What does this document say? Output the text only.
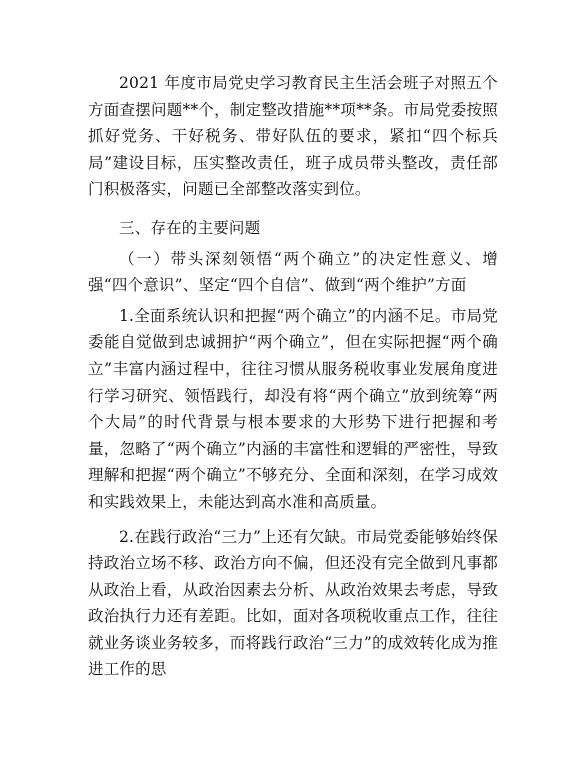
2021 年度市局党史学习教育民主生活会班子对照五个方面查摆问题**个，制定整改措施**项**条。市局党委按照抓好党务、干好税务、带好队伍的要求，紧扣“四个标兵局”建设目标，压实整改责任，班子成员带头整改，责任部门积极落实，问题已全部整改落实到位。

三、存在的主要问题

（一）带头深刻领悟“两个确立”的决定性意义、增强“四个意识”、坚定“四个自信”、做到“两个维护”方面

1.全面系统认识和把握“两个确立”的内涵不足。市局党委能自觉做到忠诚拥护“两个确立”，但在实际把握“两个确立”丰富内涵过程中，往往习惯从服务税收事业发展角度进行学习研究、领悟践行，却没有将“两个确立”放到统筹“两个大局”的时代背景与根本要求的大形势下进行把握和考量，忽略了“两个确立”内涵的丰富性和逻辑的严密性，导致理解和把握“两个确立”不够充分、全面和深刻，在学习成效和实践效果上，未能达到高水准和高质量。

2.在践行政治“三力”上还有欠缺。市局党委能够始终保持政治立场不移、政治方向不偏，但还没有完全做到凡事都从政治上看，从政治因素去分析、从政治效果去考虑，导致政治执行力还有差距。比如，面对各项税收重点工作，往往就业务谈业务较多，而将践行政治“三力”的成效转化成为推进工作的思
